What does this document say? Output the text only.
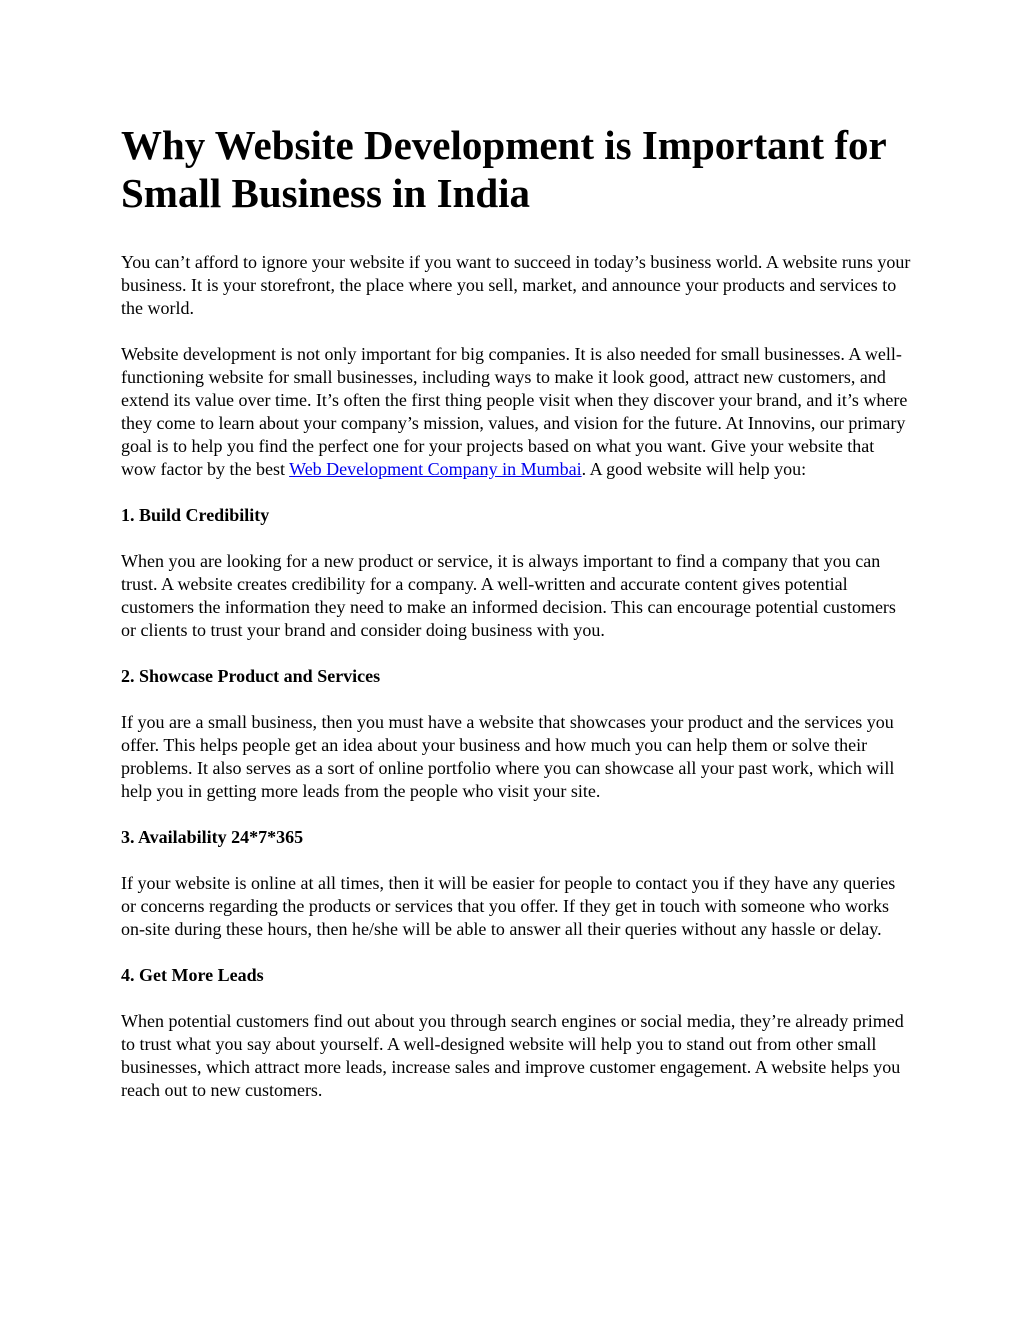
Why Website Development is Important for Small Business in India

You can’t afford to ignore your website if you want to succeed in today’s business world. A website runs your business. It is your storefront, the place where you sell, market, and announce your products and services to the world.

Website development is not only important for big companies. It is also needed for small businesses. A well-functioning website for small businesses, including ways to make it look good, attract new customers, and extend its value over time. It’s often the first thing people visit when they discover your brand, and it’s where they come to learn about your company’s mission, values, and vision for the future. At Innovins, our primary goal is to help you find the perfect one for your projects based on what you want. Give your website that wow factor by the best Web Development Company in Mumbai. A good website will help you:

1. Build Credibility

When you are looking for a new product or service, it is always important to find a company that you can trust. A website creates credibility for a company. A well-written and accurate content gives potential customers the information they need to make an informed decision. This can encourage potential customers or clients to trust your brand and consider doing business with you.

2. Showcase Product and Services

If you are a small business, then you must have a website that showcases your product and the services you offer. This helps people get an idea about your business and how much you can help them or solve their problems. It also serves as a sort of online portfolio where you can showcase all your past work, which will help you in getting more leads from the people who visit your site.

3. Availability 24*7*365

If your website is online at all times, then it will be easier for people to contact you if they have any queries or concerns regarding the products or services that you offer. If they get in touch with someone who works on-site during these hours, then he/she will be able to answer all their queries without any hassle or delay.

4. Get More Leads

When potential customers find out about you through search engines or social media, they’re already primed to trust what you say about yourself. A well-designed website will help you to stand out from other small businesses, which attract more leads, increase sales and improve customer engagement. A website helps you reach out to new customers.
